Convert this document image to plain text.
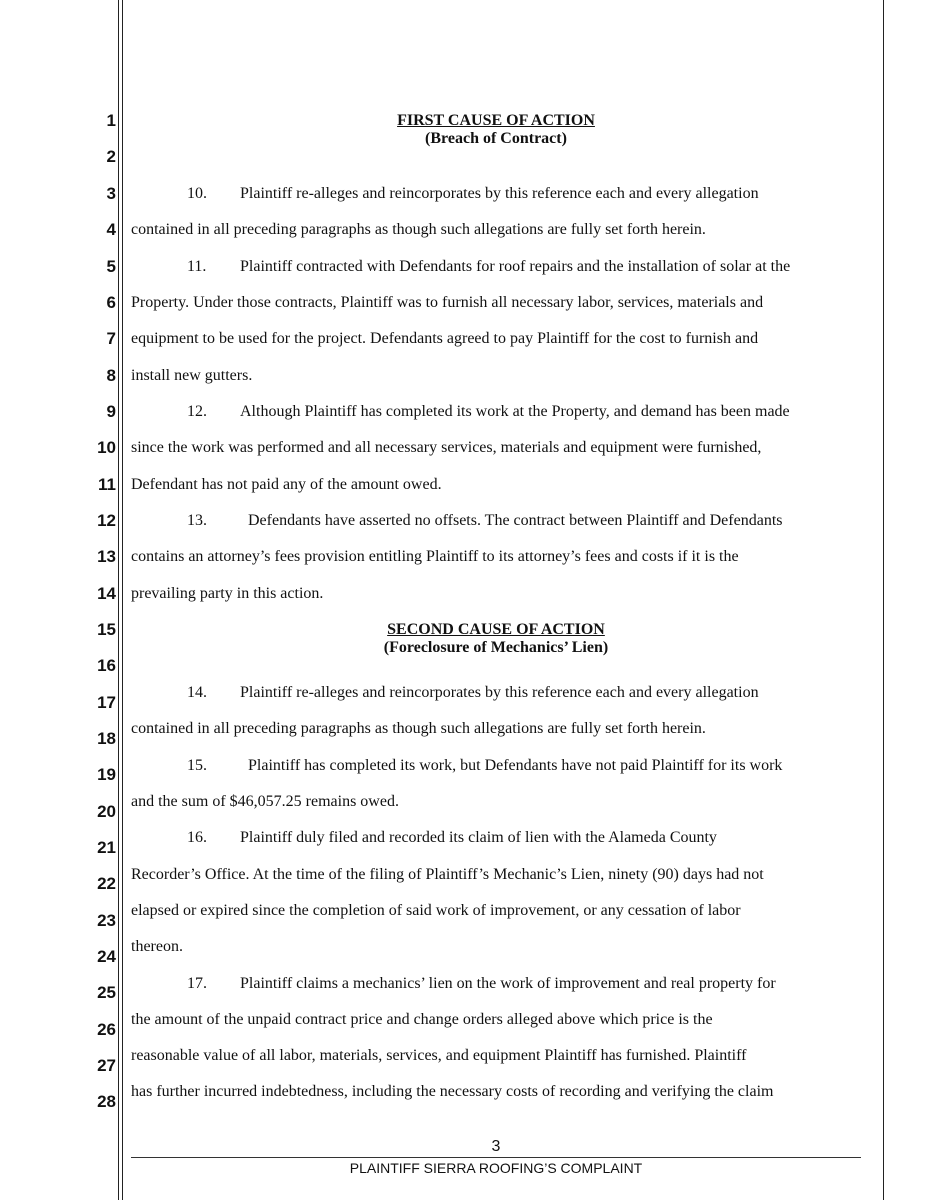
1
2
3
4
5
6
7
8
9
10
11
12
13
14
15
16
17
18
19
20
21
22
23
24
25
26
27
28
FIRST CAUSE OF ACTION
(Breach of Contract)
10. Plaintiff re-alleges and reincorporates by this reference each and every allegation
contained in all preceding paragraphs as though such allegations are fully set forth herein.
11. Plaintiff contracted with Defendants for roof repairs and the installation of solar at the
Property. Under those contracts, Plaintiff was to furnish all necessary labor, services, materials and
equipment to be used for the project. Defendants agreed to pay Plaintiff for the cost to furnish and
install new gutters.
12. Although Plaintiff has completed its work at the Property, and demand has been made
since the work was performed and all necessary services, materials and equipment were furnished,
Defendant has not paid any of the amount owed.
13. Defendants have asserted no offsets. The contract between Plaintiff and Defendants
contains an attorney’s fees provision entitling Plaintiff to its attorney’s fees and costs if it is the
prevailing party in this action.
SECOND CAUSE OF ACTION
(Foreclosure of Mechanics’ Lien)
14. Plaintiff re-alleges and reincorporates by this reference each and every allegation
contained in all preceding paragraphs as though such allegations are fully set forth herein.
15. Plaintiff has completed its work, but Defendants have not paid Plaintiff for its work
and the sum of $46,057.25 remains owed.
16. Plaintiff duly filed and recorded its claim of lien with the Alameda County
Recorder’s Office. At the time of the filing of Plaintiff’s Mechanic’s Lien, ninety (90) days had not
elapsed or expired since the completion of said work of improvement, or any cessation of labor
thereon.
17. Plaintiff claims a mechanics’ lien on the work of improvement and real property for
the amount of the unpaid contract price and change orders alleged above which price is the
reasonable value of all labor, materials, services, and equipment Plaintiff has furnished. Plaintiff
has further incurred indebtedness, including the necessary costs of recording and verifying the claim
3
PLAINTIFF SIERRA ROOFING’S COMPLAINT
